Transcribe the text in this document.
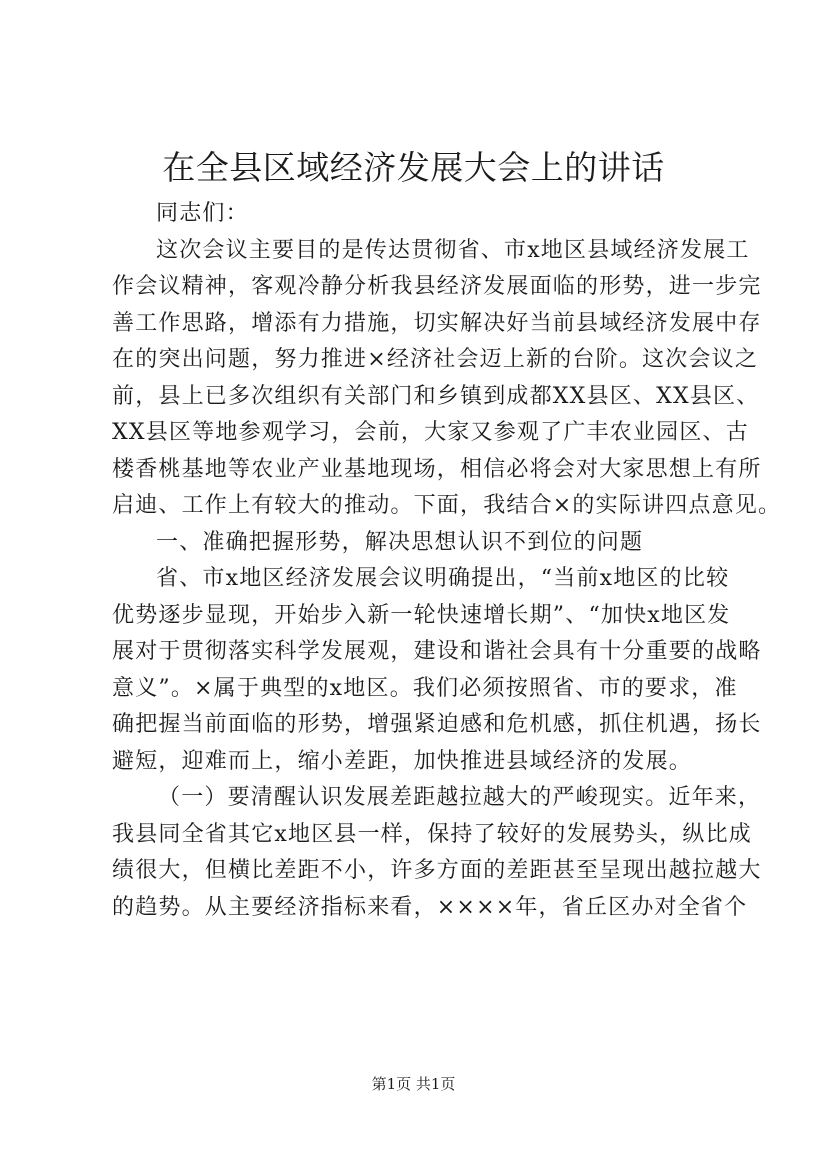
在全县区域经济发展大会上的讲话
同志们：
这次会议主要目的是传达贯彻省、市x地区县域经济发展工
作会议精神，客观冷静分析我县经济发展面临的形势，进一步完
善工作思路，增添有力措施，切实解决好当前县域经济发展中存
在的突出问题，努力推进×经济社会迈上新的台阶。这次会议之
前，县上已多次组织有关部门和乡镇到成都XX县区、XX县区、
XX县区等地参观学习，会前，大家又参观了广丰农业园区、古
楼香桃基地等农业产业基地现场，相信必将会对大家思想上有所
启迪、工作上有较大的推动。下面，我结合×的实际讲四点意见。
一、准确把握形势，解决思想认识不到位的问题
省、市x地区经济发展会议明确提出，“当前x地区的比较
优势逐步显现，开始步入新一轮快速增长期”、“加快x地区发
展对于贯彻落实科学发展观，建设和谐社会具有十分重要的战略
意义”。×属于典型的x地区。我们必须按照省、市的要求，准
确把握当前面临的形势，增强紧迫感和危机感，抓住机遇，扬长
避短，迎难而上，缩小差距，加快推进县域经济的发展。
（一）要清醒认识发展差距越拉越大的严峻现实。近年来，
我县同全省其它x地区县一样，保持了较好的发展势头，纵比成
绩很大，但横比差距不小，许多方面的差距甚至呈现出越拉越大
的趋势。从主要经济指标来看，××××年，省丘区办对全省个
第1页 共1页
